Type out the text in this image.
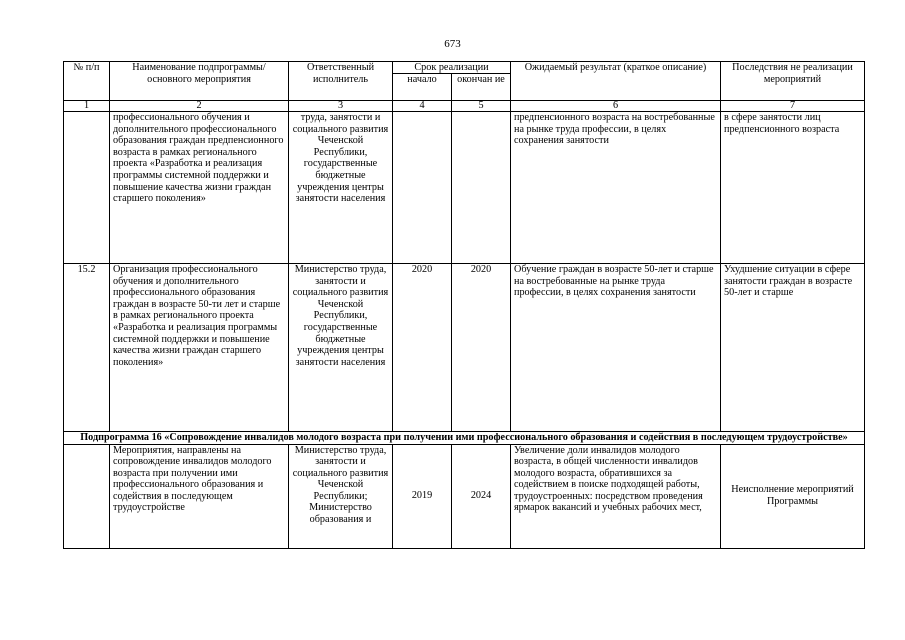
673
№ п/п	Наименование подпрограммы/ основного мероприятия	Ответственный исполнитель	Срок реализации		Ожидаемый результат (краткое описание)	Последствия не реализации мероприятий
			начало	окончан ие		
1	2	3	4	5	6	7
	профессионального обучения и дополнительного профессионального образования граждан предпенсионного возраста в рамках регионального проекта «Разработка и реализация программы системной поддержки и повышение качества жизни граждан старшего поколения»	труда, занятости и социального развития Чеченской Республики, государственные бюджетные учреждения центры занятости населения			предпенсионного возраста на востребованные на рынке труда профессии, в целях сохранения занятости	в сфере занятости лиц предпенсионного возраста
15.2	Организация профессионального обучения и дополнительного профессионального образования граждан в возрасте 50-ти лет и старше в рамках регионального проекта «Разработка и реализация программы системной поддержки и повышение качества жизни граждан старшего поколения»	Министерство труда, занятости и социального развития Чеченской Республики, государственные бюджетные учреждения центры занятости населения	2020	2020	Обучение граждан в возрасте 50-лет и старше на востребованные на рынке труда профессии, в целях сохранения занятости	Ухудшение ситуации в сфере занятости граждан в возрасте 50-лет и старше
Подпрограмма 16 «Сопровождение инвалидов молодого возраста при получении ими профессионального образования и содействия в последующем трудоустройстве»						
	Мероприятия, направлены на сопровождение инвалидов молодого возраста при получении ими профессионального образования и содействия в последующем трудоустройстве	Министерство труда, занятости и социального развития Чеченской Республики; Министерство образования и	2019	2024	Увеличение доли инвалидов молодого возраста, в общей численности инвалидов молодого возраста, обратившихся за содействием в поиске подходящей работы, трудоустроенных: посредством проведения ярмарок вакансий и учебных рабочих мест,	Неисполнение мероприятий Программы
